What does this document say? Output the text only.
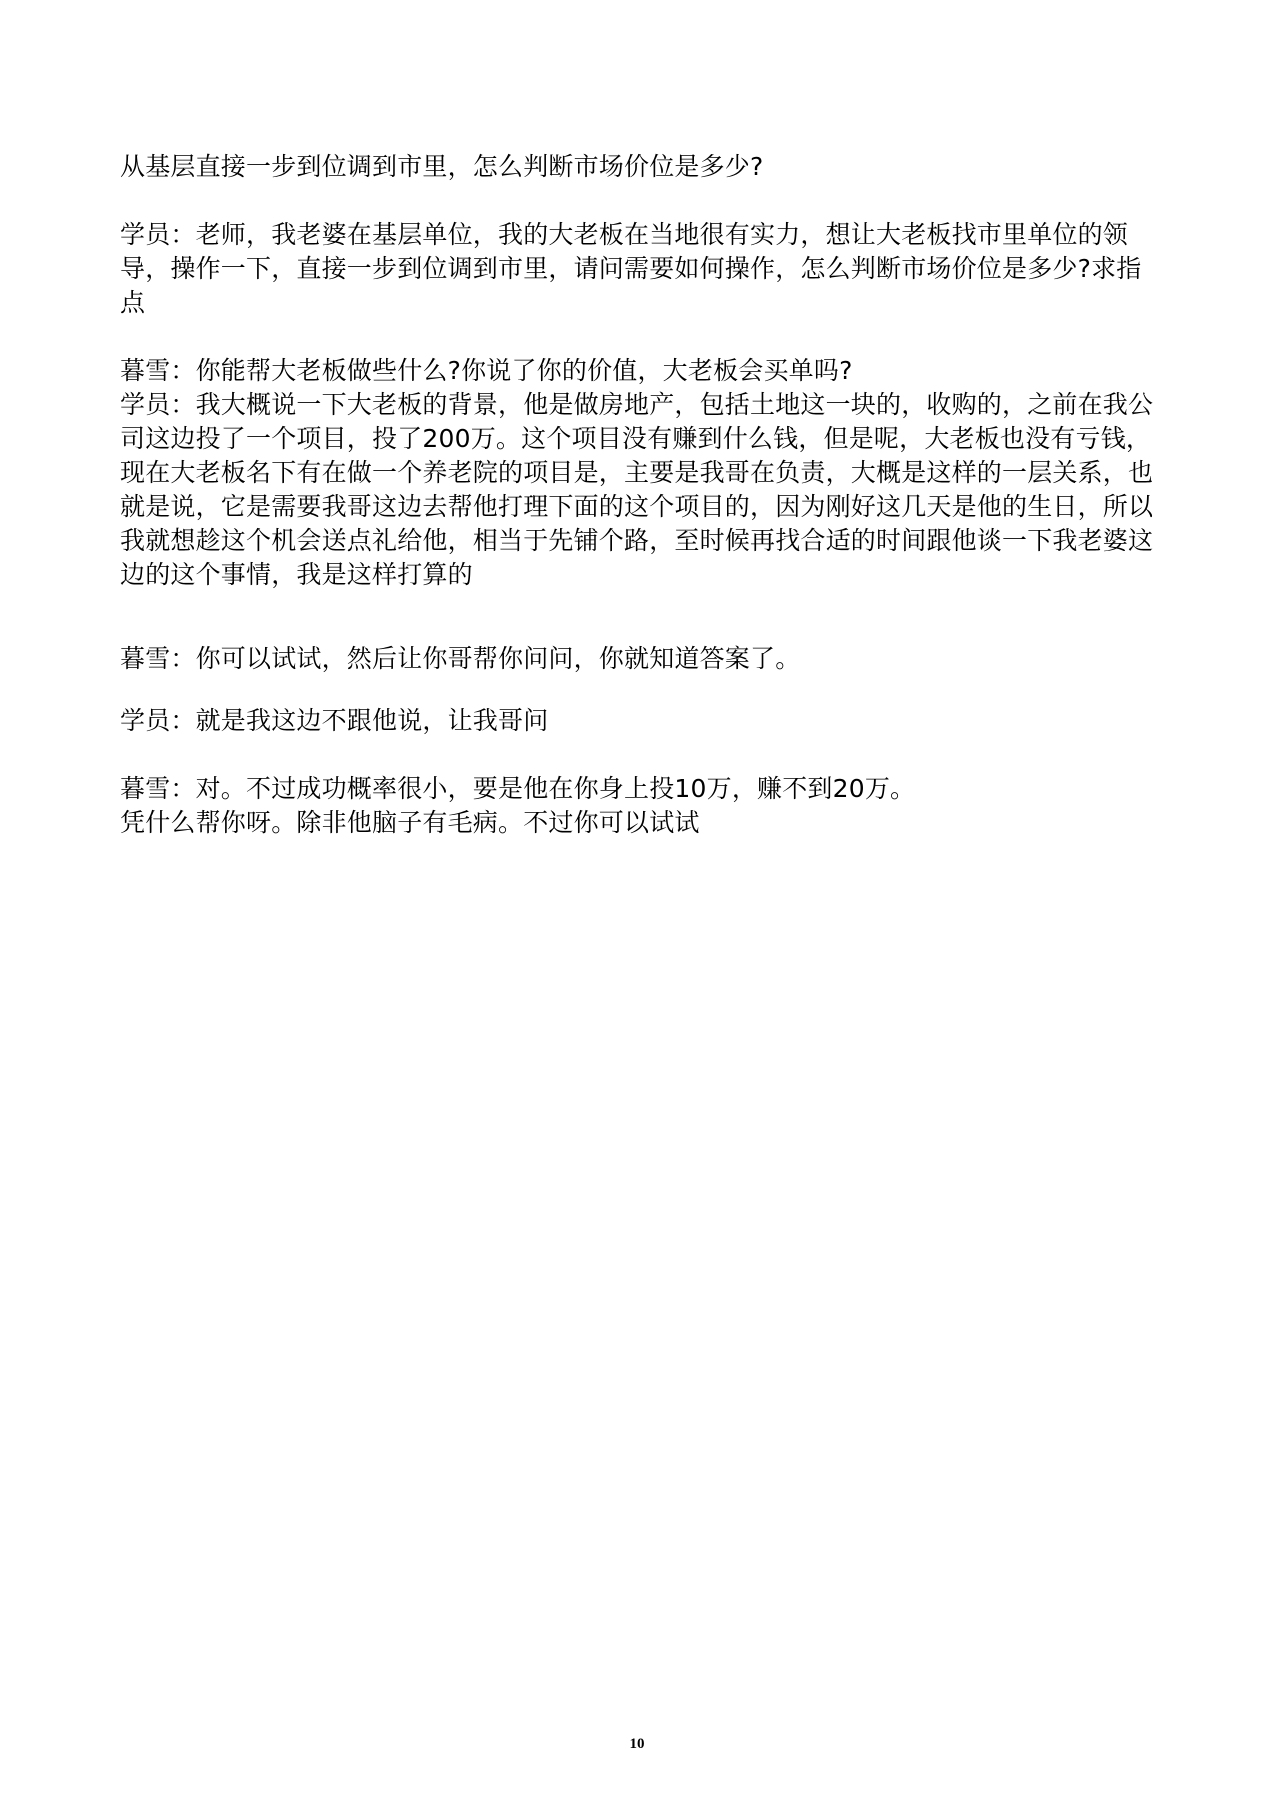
从基层直接一步到位调到市里，怎么判断市场价位是多少?

学员：老师，我老婆在基层单位，我的大老板在当地很有实力，想让大老板找市里单位的领导，操作一下，直接一步到位调到市里，请问需要如何操作，怎么判断市场价位是多少?求指点

暮雪：你能帮大老板做些什么?你说了你的价值，大老板会买单吗?

学员：我大概说一下大老板的背景，他是做房地产，包括土地这一块的，收购的，之前在我公司这边投了一个项目，投了200万。这个项目没有赚到什么钱，但是呢，大老板也没有亏钱，现在大老板名下有在做一个养老院的项目是，主要是我哥在负责，大概是这样的一层关系，也就是说，它是需要我哥这边去帮他打理下面的这个项目的，因为刚好这几天是他的生日，所以我就想趁这个机会送点礼给他，相当于先铺个路，至时候再找合适的时间跟他谈一下我老婆这边的这个事情，我是这样打算的

暮雪：你可以试试，然后让你哥帮你问问，你就知道答案了。

学员：就是我这边不跟他说，让我哥问

暮雪：对。不过成功概率很小，要是他在你身上投10万，赚不到20万。

凭什么帮你呀。除非他脑子有毛病。不过你可以试试

10
